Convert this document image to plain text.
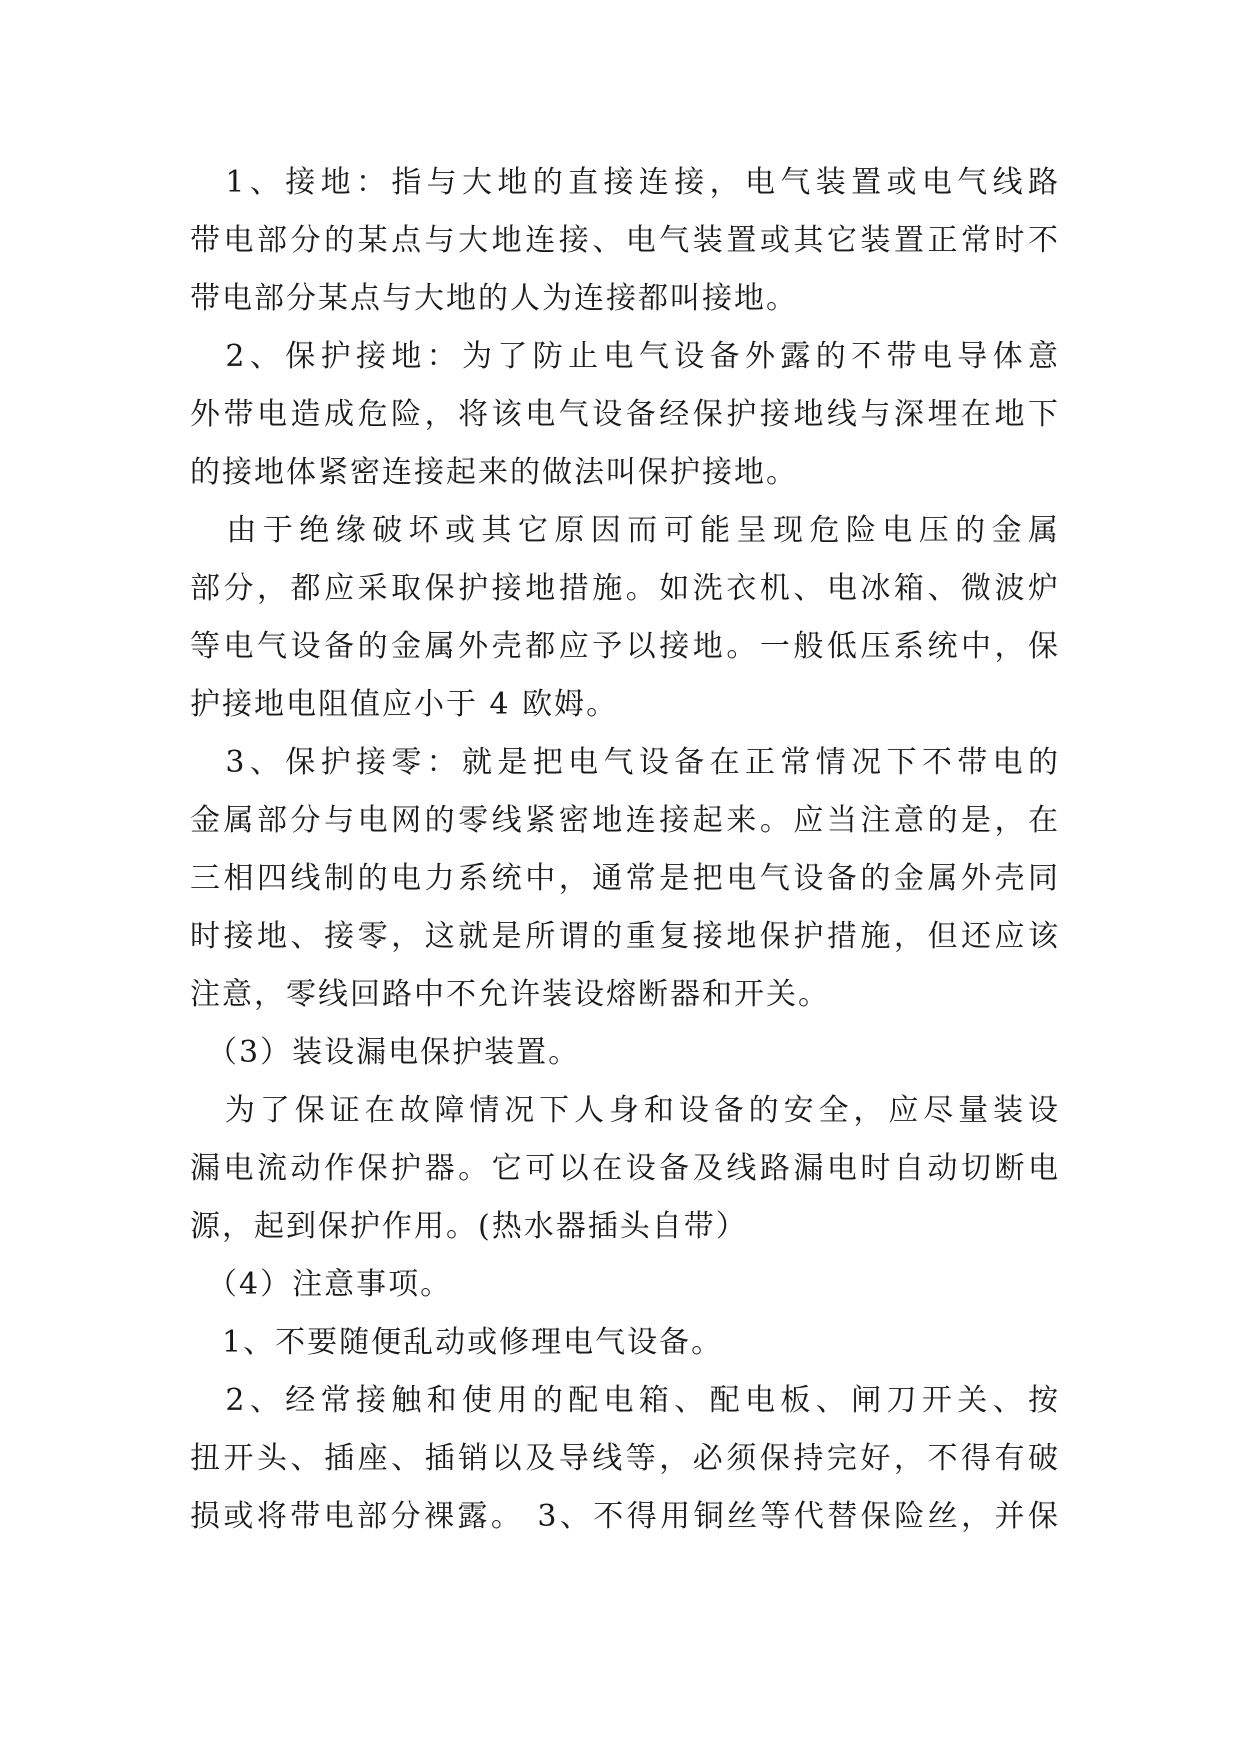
　1、接地：指与大地的直接连接，电气装置或电气线路
带电部分的某点与大地连接、电气装置或其它装置正常时不
带电部分某点与大地的人为连接都叫接地。
　2、保护接地：为了防止电气设备外露的不带电导体意
外带电造成危险，将该电气设备经保护接地线与深埋在地下
的接地体紧密连接起来的做法叫保护接地。
　由于绝缘破坏或其它原因而可能呈现危险电压的金属
部分，都应采取保护接地措施。如洗衣机、电冰箱、微波炉
等电气设备的金属外壳都应予以接地。一般低压系统中，保
护接地电阻值应小于 4 欧姆。
　3、保护接零：就是把电气设备在正常情况下不带电的
金属部分与电网的零线紧密地连接起来。应当注意的是，在
三相四线制的电力系统中，通常是把电气设备的金属外壳同
时接地、接零，这就是所谓的重复接地保护措施，但还应该
注意，零线回路中不允许装设熔断器和开关。
　（3）装设漏电保护装置。
　为了保证在故障情况下人身和设备的安全，应尽量装设
漏电流动作保护器。它可以在设备及线路漏电时自动切断电
源，起到保护作用。(热水器插头自带）
　（4）注意事项。
　1、不要随便乱动或修理电气设备。
　2、经常接触和使用的配电箱、配电板、闸刀开关、按
扭开头、插座、插销以及导线等，必须保持完好，不得有破
损或将带电部分裸露。 3、不得用铜丝等代替保险丝，并保
